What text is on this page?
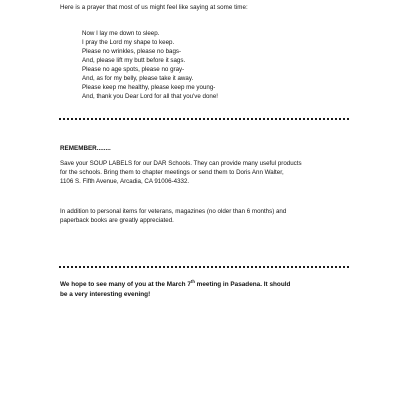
Here is a prayer that most of us might feel like saying at some time:

Now I lay me down to sleep.
I pray the Lord my shape to keep.
Please no wrinkles, please no bags-
And, please lift my butt before it sags.
Please no age spots, please no gray-
And, as for my belly, please take it away.
Please keep me healthy, please keep me young-
And, thank you Dear Lord for all that you've done!

REMEMBER........

Save your SOUP LABELS for our DAR Schools. They can provide many useful products
for the schools. Bring them to chapter meetings or send them to Doris Ann Walter,
1106 S. Fifth Avenue, Arcadia, CA 91006-4332.

In addition to personal items for veterans, magazines (no older than 6 months) and
paperback books are greatly appreciated.

We hope to see many of you at the March 7th meeting in Pasadena. It should
be a very interesting evening!
